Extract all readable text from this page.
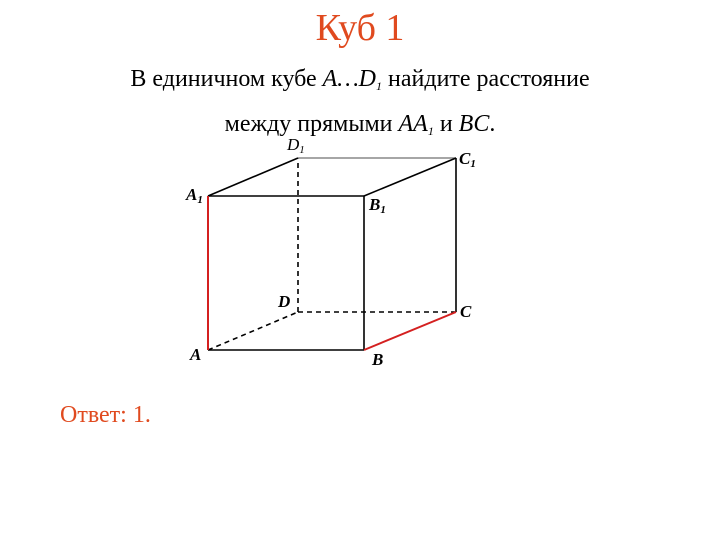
Куб 1
В единичном кубе $A\dots D_1$ найдите расстояние
между прямыми $AA_1$ и BC.
A	B
C
D
A1	B1
C1
D1
Ответ: 1.
